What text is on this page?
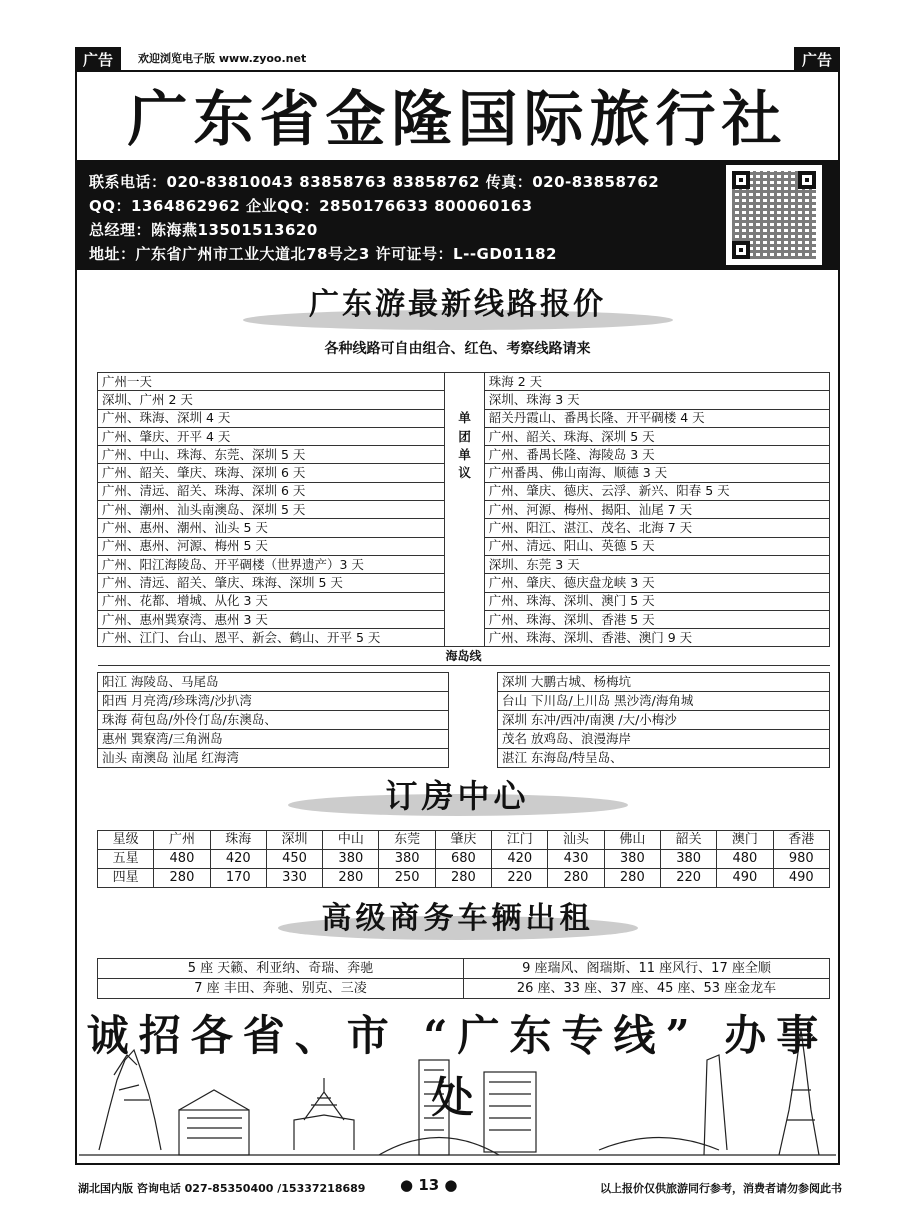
广告	欢迎浏览电子版 www.zyoo.net	广告
广东省金隆国际旅行社
联系电话：020-83810043 83858763 83858762 传真：020-83858762
QQ：1364862962 企业QQ：2850176633 800060163
总经理：陈海燕13501513620
地址：广东省广州市工业大道北78号之3 许可证号：L--GD01182
广东游最新线路报价
各种线路可自由组合、红色、考察线路请来
广州一天		珠海 2 天
深圳、广州 2 天		深圳、珠海 3 天
广州、珠海、深圳 4 天	单	韶关丹霞山、番禺长隆、开平碉楼 4 天
广州、肇庆、开平 4 天	团	广州、韶关、珠海、深圳 5 天
广州、中山、珠海、东莞、深圳 5 天	单	广州、番禺长隆、海陵岛 3 天
广州、韶关、肇庆、珠海、深圳 6 天	议	广州番禺、佛山南海、顺德 3 天
广州、清远、韶关、珠海、深圳 6 天		广州、肇庆、德庆、云浮、新兴、阳春 5 天
广州、潮州、汕头南澳岛、深圳 5 天		广州、河源、梅州、揭阳、汕尾 7 天
广州、惠州、潮州、汕头 5 天		广州、阳江、湛江、茂名、北海 7 天
广州、惠州、河源、梅州 5 天		广州、清远、阳山、英德 5 天
广州、阳江海陵岛、开平碉楼（世界遗产）3 天		深圳、东莞 3 天
广州、清远、韶关、肇庆、珠海、深圳 5 天		广州、肇庆、德庆盘龙峡 3 天
广州、花都、增城、从化 3 天		广州、珠海、深圳、澳门 5 天
广州、惠州巽寮湾、惠州 3 天		广州、珠海、深圳、香港 5 天
广州、江门、台山、恩平、新会、鹤山、开平 5 天		广州、珠海、深圳、香港、澳门 9 天
海岛线		
阳江 海陵岛、马尾岛		深圳 大鹏古城、杨梅坑
阳西 月亮湾/珍珠湾/沙扒湾		台山 下川岛/上川岛 黑沙湾/海角城
珠海 荷包岛/外伶仃岛/东澳岛、		深圳 东冲/西冲/南澳 /大/小梅沙
惠州 巽寮湾/三角洲岛		茂名 放鸡岛、浪漫海岸
汕头 南澳岛 汕尾 红海湾		湛江 东海岛/特呈岛、
订房中心
星级	广州	珠海	深圳	中山	东莞	肇庆	江门	汕头	佛山	韶关	澳门	香港
五星	480	420	450	380	380	680	420	430	380	380	480	980
四星	280	170	330	280	250	280	220	280	280	220	490	490
高级商务车辆出租
5 座 天籁、利亚纳、奇瑞、奔驰	9 座瑞风、阁瑞斯、11 座风行、17 座全顺
7 座 丰田、奔驰、别克、三凌	26 座、33 座、37 座、45 座、53 座金龙车
诚招各省、市 “广东专线” 办事处
湖北国内版 咨询电话 027-85350400 /15337218689 ● 13 ●	以上报价仅供旅游同行参考，消费者请勿参阅此书
